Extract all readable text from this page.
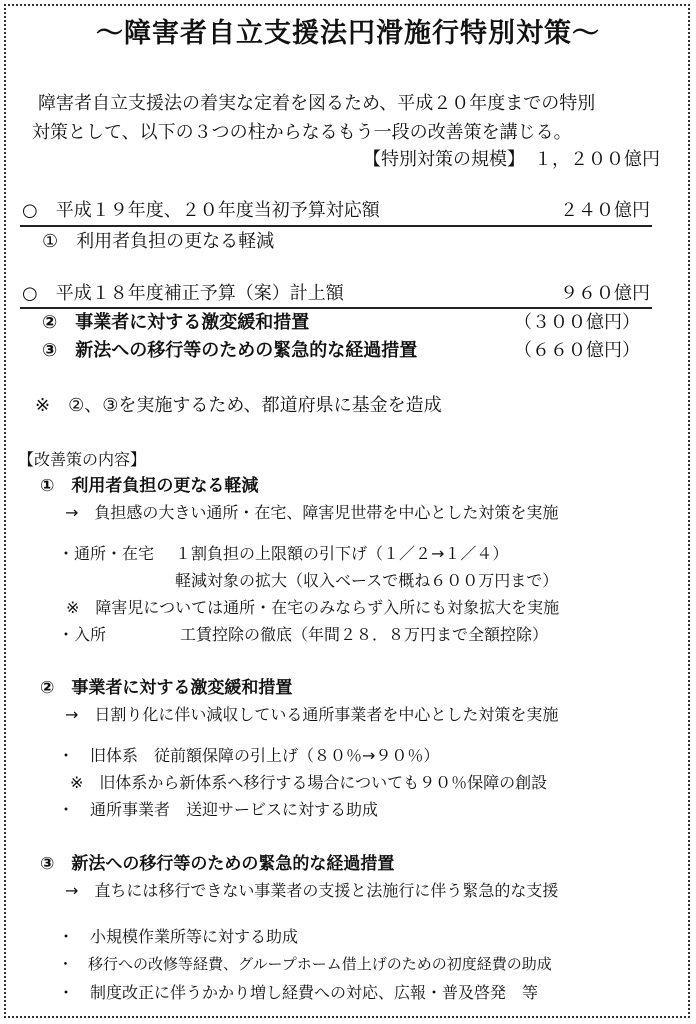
～障害者自立支援法円滑施行特別対策～
障害者自立支援法の着実な定着を図るため、平成２０年度までの特別
対策として、以下の３つの柱からなるもう一段の改善策を講じる。
【特別対策の規模】　１，２００億円
○　平成１９年度、２０年度当初予算対応額	２４０億円
①　利用者負担の更なる軽減
○　平成１８年度補正予算（案）計上額	９６０億円
②　事業者に対する激変緩和措置	（３００億円）
③　新法への移行等のための緊急的な経過措置	（６６０億円）
※　②、③を実施するため、都道府県に基金を造成
【改善策の内容】
①　利用者負担の更なる軽減
→　負担感の大きい通所・在宅、障害児世帯を中心とした対策を実施
・通所・在宅 １割負担の上限額の引下げ（１／２→１／４）
軽減対象の拡大（収入ベースで概ね６００万円まで）
※　障害児については通所・在宅のみならず入所にも対象拡大を実施
・入所	工賃控除の徹底（年間２８．８万円まで全額控除）
②　事業者に対する激変緩和措置
→　日割り化に伴い減収している通所事業者を中心とした対策を実施
・　旧体系　従前額保障の引上げ（８０％→９０％）
※　旧体系から新体系へ移行する場合についても９０％保障の創設
・　通所事業者　送迎サービスに対する助成
③　新法への移行等のための緊急的な経過措置
→　直ちには移行できない事業者の支援と法施行に伴う緊急的な支援
・　小規模作業所等に対する助成
・　移行への改修等経費、グループホーム借上げのための初度経費の助成
・　制度改正に伴うかかり増し経費への対応、広報・普及啓発　等
